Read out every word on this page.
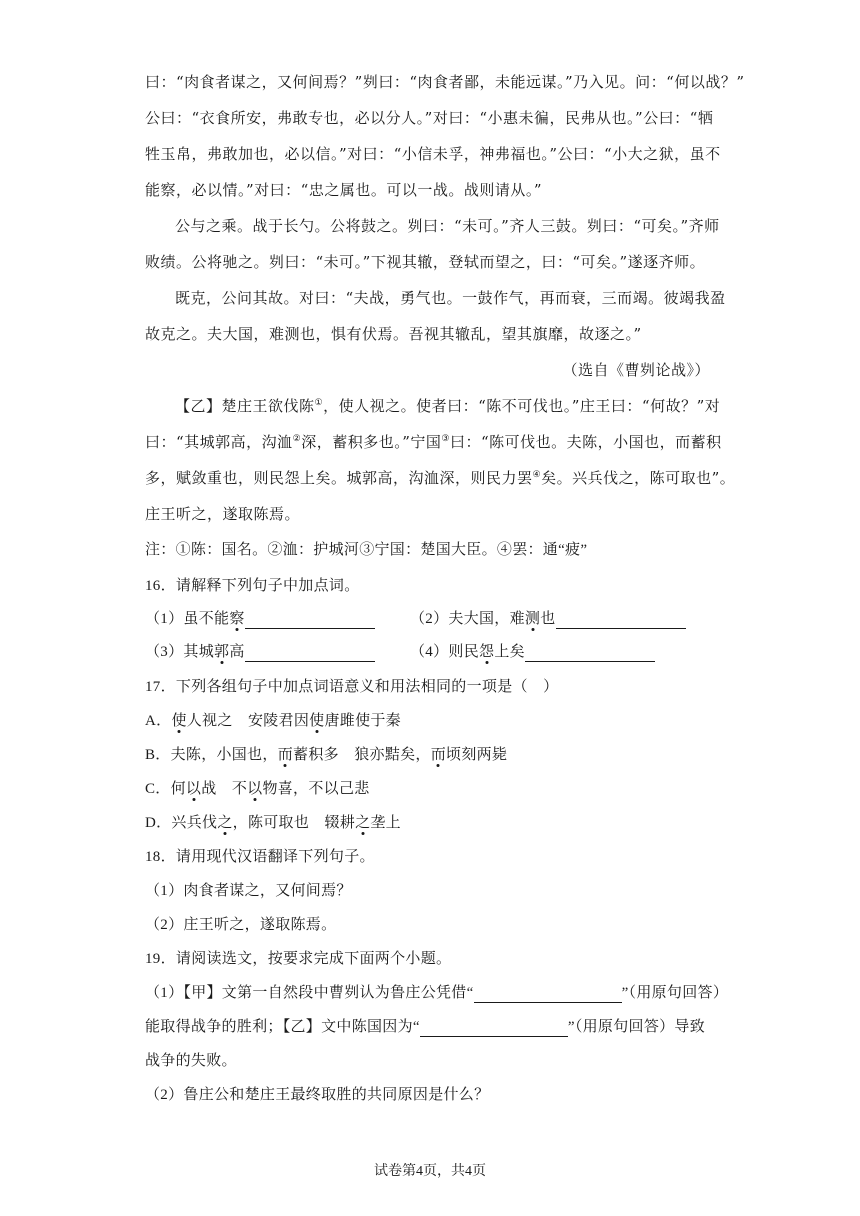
曰：“肉食者谋之，又何间焉？”刿曰：“肉食者鄙，未能远谋。”乃入见。问：“何以战？”
公曰：“衣食所安，弗敢专也，必以分人。”对曰：“小惠未徧，民弗从也。”公曰：“牺
牲玉帛，弗敢加也，必以信。”对曰：“小信未孚，神弗福也。”公曰：“小大之狱，虽不
能察，必以情。”对曰：“忠之属也。可以一战。战则请从。”
公与之乘。战于长勺。公将鼓之。刿曰：“未可。”齐人三鼓。刿曰：“可矣。”齐师
败绩。公将驰之。刿曰：“未可。”下视其辙，登轼而望之，曰：“可矣。”遂逐齐师。
既克，公问其故。对曰：“夫战，勇气也。一鼓作气，再而衰，三而竭。彼竭我盈
故克之。夫大国，难测也，惧有伏焉。吾视其辙乱，望其旗靡，故逐之。”
（选自《曹刿论战》）
【乙】楚庄王欲伐陈①，使人视之。使者曰：“陈不可伐也。”庄王曰：“何故？”对
曰：“其城郭高，沟洫②深，蓄积多也。”宁国③曰：“陈可伐也。夫陈，小国也，而蓄积
多，赋敛重也，则民怨上矣。城郭高，沟洫深，则民力罢④矣。兴兵伐之，陈可取也”。
庄王听之，遂取陈焉。
注：①陈：国名。②洫：护城河③宁国：楚国大臣。④罢：通“疲”
16．请解释下列句子中加点词。
（1）虽不能察	（2）夫大国，难测也
（3）其城郭高	（4）则民怨上矣
17．下列各组句子中加点词语意义和用法相同的一项是（　）
A．使人视之　安陵君因使唐雎使于秦
B．夫陈，小国也，而蓄积多　狼亦黠矣，而顷刻两毙
C．何以战　不以物喜，不以己悲
D．兴兵伐之，陈可取也　辍耕之垄上
18．请用现代汉语翻译下列句子。
（1）肉食者谋之，又何间焉？
（2）庄王听之，遂取陈焉。
19．请阅读选文，按要求完成下面两个小题。
（1）【甲】文第一自然段中曹刿认为鲁庄公凭借“	”（用原句回答）
能取得战争的胜利；【乙】文中陈国因为“	”（用原句回答）导致
战争的失败。
（2）鲁庄公和楚庄王最终取胜的共同原因是什么？
试卷第4页，共4页
